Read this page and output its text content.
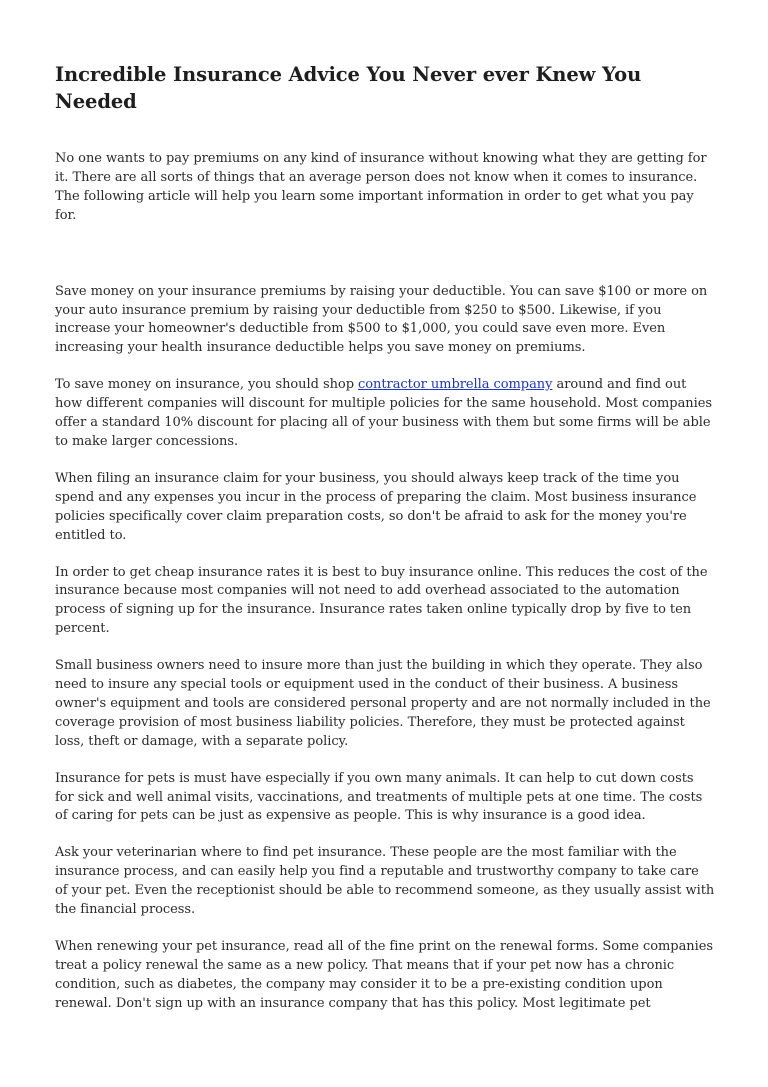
Incredible Insurance Advice You Never ever Knew You Needed

No one wants to pay premiums on any kind of insurance without knowing what they are getting for it. There are all sorts of things that an average person does not know when it comes to insurance. The following article will help you learn some important information in order to get what you pay for.

Save money on your insurance premiums by raising your deductible. You can save $100 or more on your auto insurance premium by raising your deductible from $250 to $500. Likewise, if you increase your homeowner's deductible from $500 to $1,000, you could save even more. Even increasing your health insurance deductible helps you save money on premiums.

To save money on insurance, you should shop contractor umbrella company around and find out how different companies will discount for multiple policies for the same household. Most companies offer a standard 10% discount for placing all of your business with them but some firms will be able to make larger concessions.

When filing an insurance claim for your business, you should always keep track of the time you spend and any expenses you incur in the process of preparing the claim. Most business insurance policies specifically cover claim preparation costs, so don't be afraid to ask for the money you're entitled to.

In order to get cheap insurance rates it is best to buy insurance online. This reduces the cost of the insurance because most companies will not need to add overhead associated to the automation process of signing up for the insurance. Insurance rates taken online typically drop by five to ten percent.

Small business owners need to insure more than just the building in which they operate. They also need to insure any special tools or equipment used in the conduct of their business. A business owner's equipment and tools are considered personal property and are not normally included in the coverage provision of most business liability policies. Therefore, they must be protected against loss, theft or damage, with a separate policy.

Insurance for pets is must have especially if you own many animals. It can help to cut down costs for sick and well animal visits, vaccinations, and treatments of multiple pets at one time. The costs of caring for pets can be just as expensive as people. This is why insurance is a good idea.

Ask your veterinarian where to find pet insurance. These people are the most familiar with the insurance process, and can easily help you find a reputable and trustworthy company to take care of your pet. Even the receptionist should be able to recommend someone, as they usually assist with the financial process.

When renewing your pet insurance, read all of the fine print on the renewal forms. Some companies treat a policy renewal the same as a new policy. That means that if your pet now has a chronic condition, such as diabetes, the company may consider it to be a pre-existing condition upon renewal. Don't sign up with an insurance company that has this policy. Most legitimate pet
